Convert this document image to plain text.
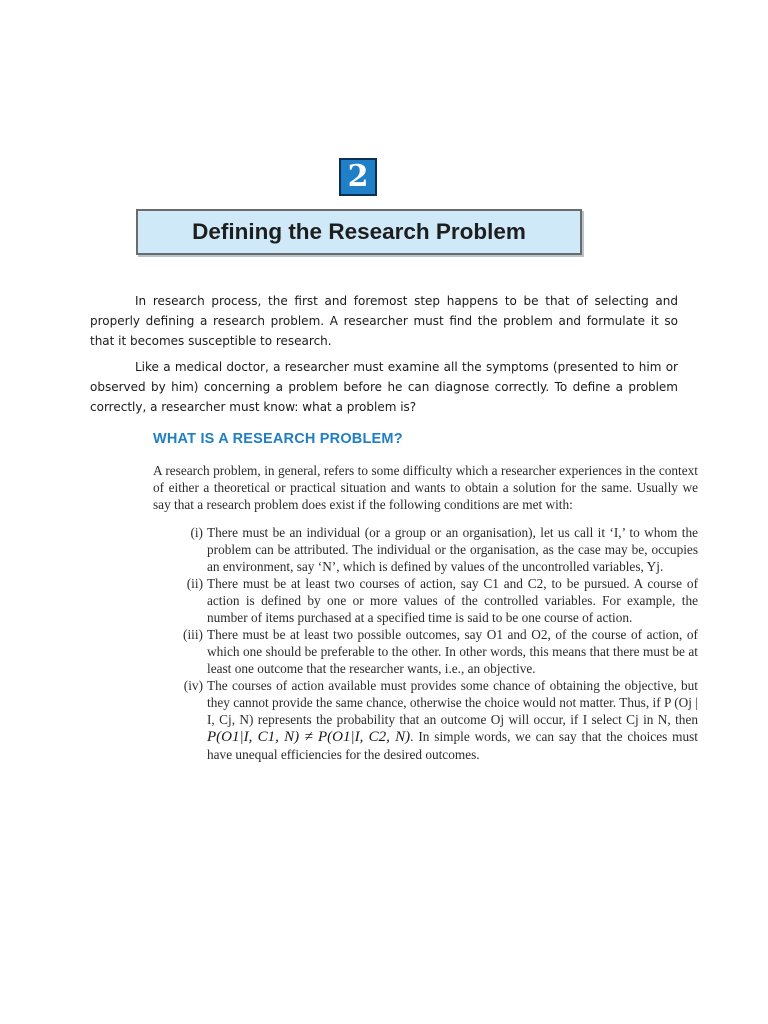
2
Defining the Research Problem

In research process, the first and foremost step happens to be that of selecting and properly defining a research problem. A researcher must find the problem and formulate it so that it becomes susceptible to research.

Like a medical doctor, a researcher must examine all the symptoms (presented to him or observed by him) concerning a problem before he can diagnose correctly. To define a problem correctly, a researcher must know: what a problem is?

WHAT IS A RESEARCH PROBLEM?

A research problem, in general, refers to some difficulty which a researcher experiences in the context of either a theoretical or practical situation and wants to obtain a solution for the same. Usually we say that a research problem does exist if the following conditions are met with:

(i) There must be an individual (or a group or an organisation), let us call it ‘I,’ to whom the problem can be attributed. The individual or the organisation, as the case may be, occupies an environment, say ‘N’, which is defined by values of the uncontrolled variables, Yj.
(ii) There must be at least two courses of action, say C1 and C2, to be pursued. A course of action is defined by one or more values of the controlled variables. For example, the number of items purchased at a specified time is said to be one course of action.
(iii) There must be at least two possible outcomes, say O1 and O2, of the course of action, of which one should be preferable to the other. In other words, this means that there must be at least one outcome that the researcher wants, i.e., an objective.
(iv) The courses of action available must provides some chance of obtaining the objective, but they cannot provide the same chance, otherwise the choice would not matter. Thus, if P (Oj | I, Cj, N) represents the probability that an outcome Oj will occur, if I select Cj in N, then P(O1|I, C1, N) ≠ P(O1|I, C2, N). In simple words, we can say that the choices must have unequal efficiencies for the desired outcomes.
